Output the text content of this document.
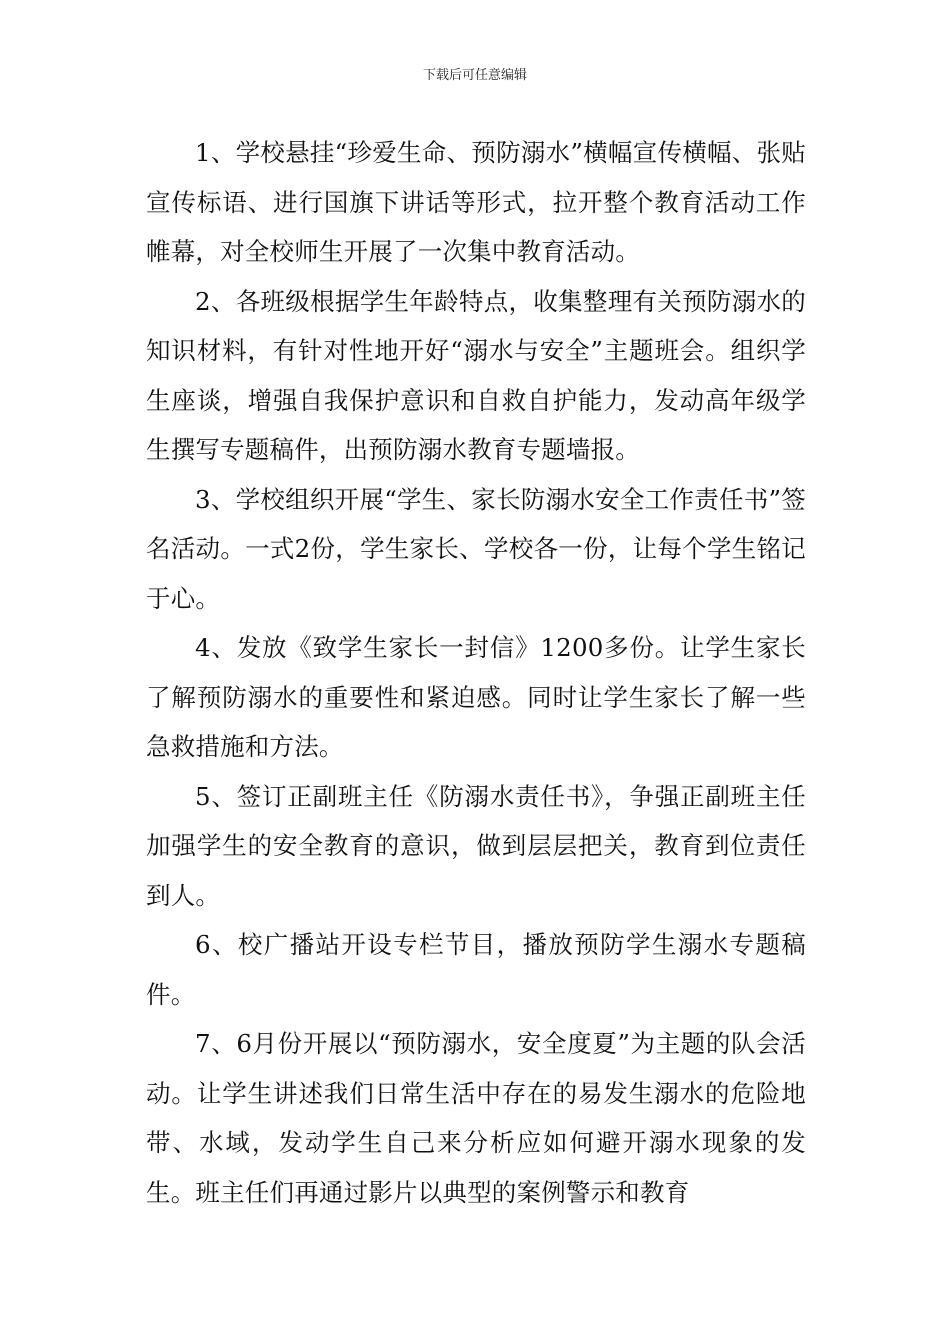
下载后可任意编辑

1、学校悬挂“珍爱生命、预防溺水”横幅宣传横幅、张贴宣传标语、进行国旗下讲话等形式，拉开整个教育活动工作帷幕，对全校师生开展了一次集中教育活动。

2、各班级根据学生年龄特点，收集整理有关预防溺水的知识材料，有针对性地开好“溺水与安全”主题班会。组织学生座谈，增强自我保护意识和自救自护能力，发动高年级学生撰写专题稿件，出预防溺水教育专题墙报。

3、学校组织开展“学生、家长防溺水安全工作责任书”签名活动。一式2份，学生家长、学校各一份，让每个学生铭记于心。

4、发放《致学生家长一封信》1200多份。让学生家长了解预防溺水的重要性和紧迫感。同时让学生家长了解一些急救措施和方法。

5、签订正副班主任《防溺水责任书》，争强正副班主任加强学生的安全教育的意识，做到层层把关，教育到位责任到人。

6、校广播站开设专栏节目，播放预防学生溺水专题稿件。

7、6月份开展以“预防溺水，安全度夏”为主题的队会活动。让学生讲述我们日常生活中存在的易发生溺水的危险地带、水域，发动学生自己来分析应如何避开溺水现象的发生。班主任们再通过影片以典型的案例警示和教育
